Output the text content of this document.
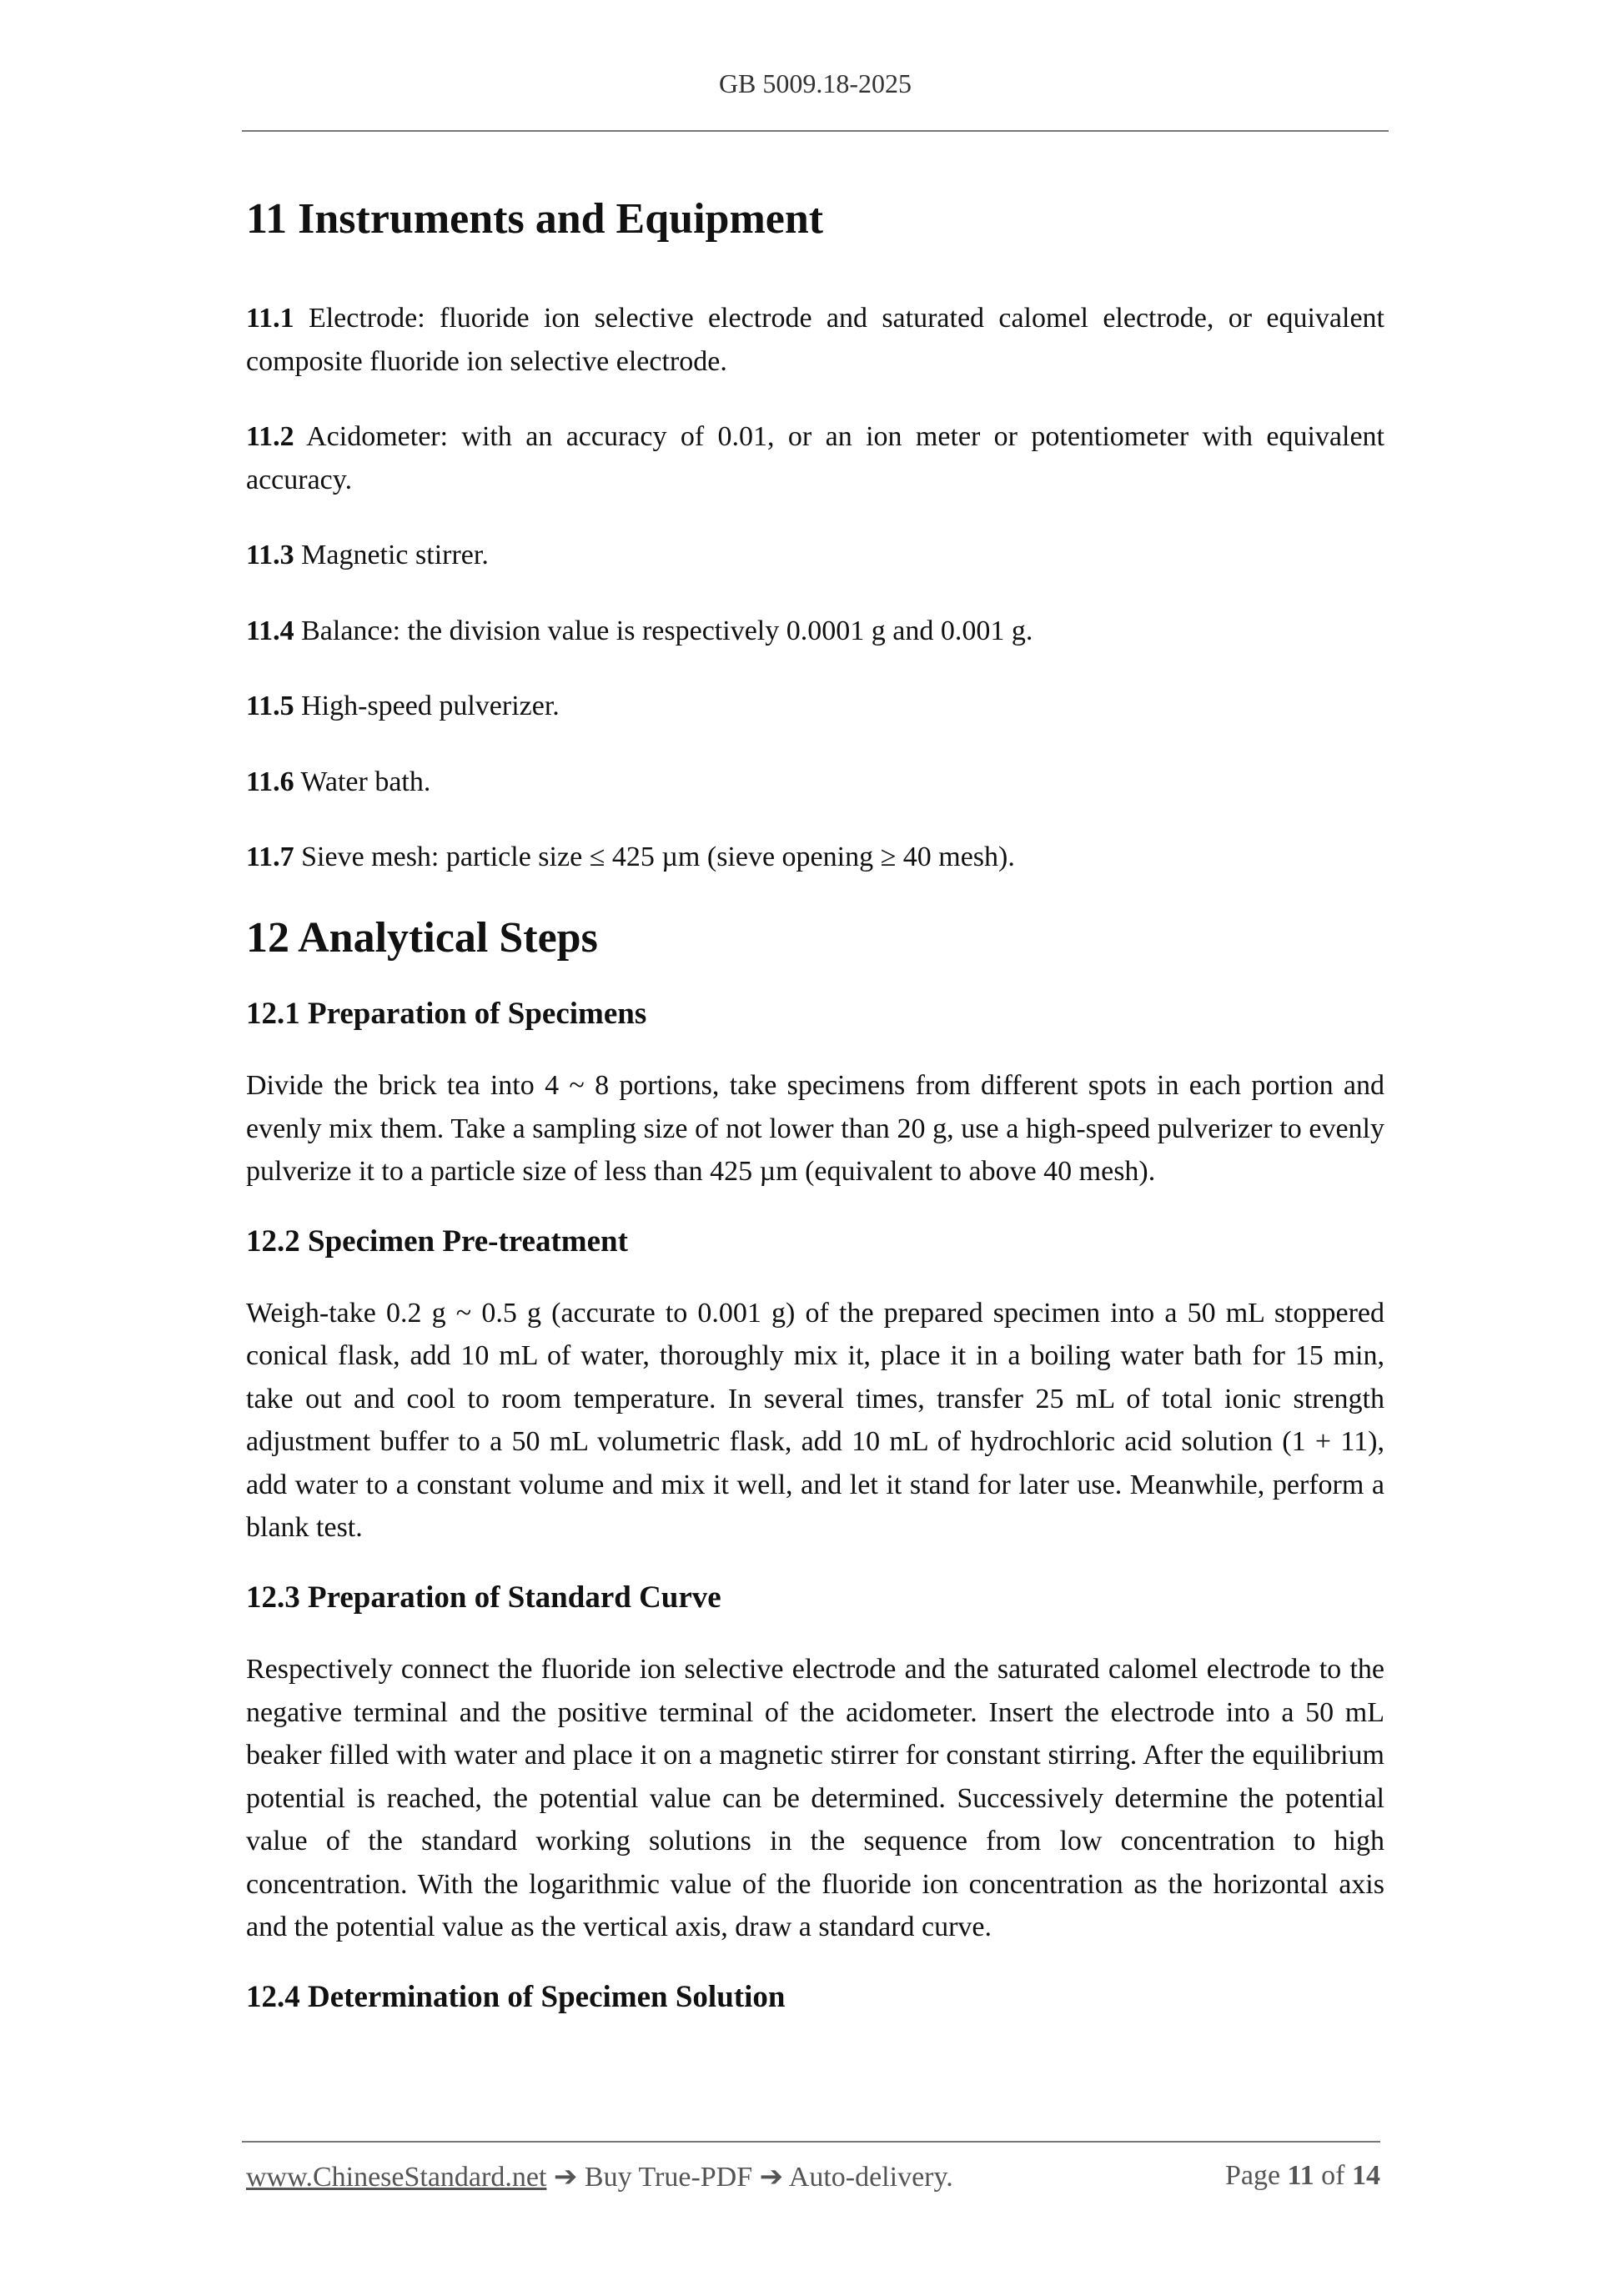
GB 5009.18-2025
11 Instruments and Equipment

11.1 Electrode: fluoride ion selective electrode and saturated calomel electrode, or equivalent composite fluoride ion selective electrode.

11.2 Acidometer: with an accuracy of 0.01, or an ion meter or potentiometer with equivalent accuracy.

11.3 Magnetic stirrer.

11.4 Balance: the division value is respectively 0.0001 g and 0.001 g.

11.5 High-speed pulverizer.

11.6 Water bath.

11.7 Sieve mesh: particle size ≤ 425 µm (sieve opening ≥ 40 mesh).

12 Analytical Steps
12.1 Preparation of Specimens

Divide the brick tea into 4 ~ 8 portions, take specimens from different spots in each portion and evenly mix them. Take a sampling size of not lower than 20 g, use a high-speed pulverizer to evenly pulverize it to a particle size of less than 425 µm (equivalent to above 40 mesh).

12.2 Specimen Pre-treatment

Weigh-take 0.2 g ~ 0.5 g (accurate to 0.001 g) of the prepared specimen into a 50 mL stoppered conical flask, add 10 mL of water, thoroughly mix it, place it in a boiling water bath for 15 min, take out and cool to room temperature. In several times, transfer 25 mL of total ionic strength adjustment buffer to a 50 mL volumetric flask, add 10 mL of hydrochloric acid solution (1 + 11), add water to a constant volume and mix it well, and let it stand for later use. Meanwhile, perform a blank test.

12.3 Preparation of Standard Curve

Respectively connect the fluoride ion selective electrode and the saturated calomel electrode to the negative terminal and the positive terminal of the acidometer. Insert the electrode into a 50 mL beaker filled with water and place it on a magnetic stirrer for constant stirring. After the equilibrium potential is reached, the potential value can be determined. Successively determine the potential value of the standard working solutions in the sequence from low concentration to high concentration. With the logarithmic value of the fluoride ion concentration as the horizontal axis and the potential value as the vertical axis, draw a standard curve.

12.4 Determination of Specimen Solution
www.ChineseStandard.net ➔ Buy True-PDF ➔ Auto-delivery.	Page 11 of 14
